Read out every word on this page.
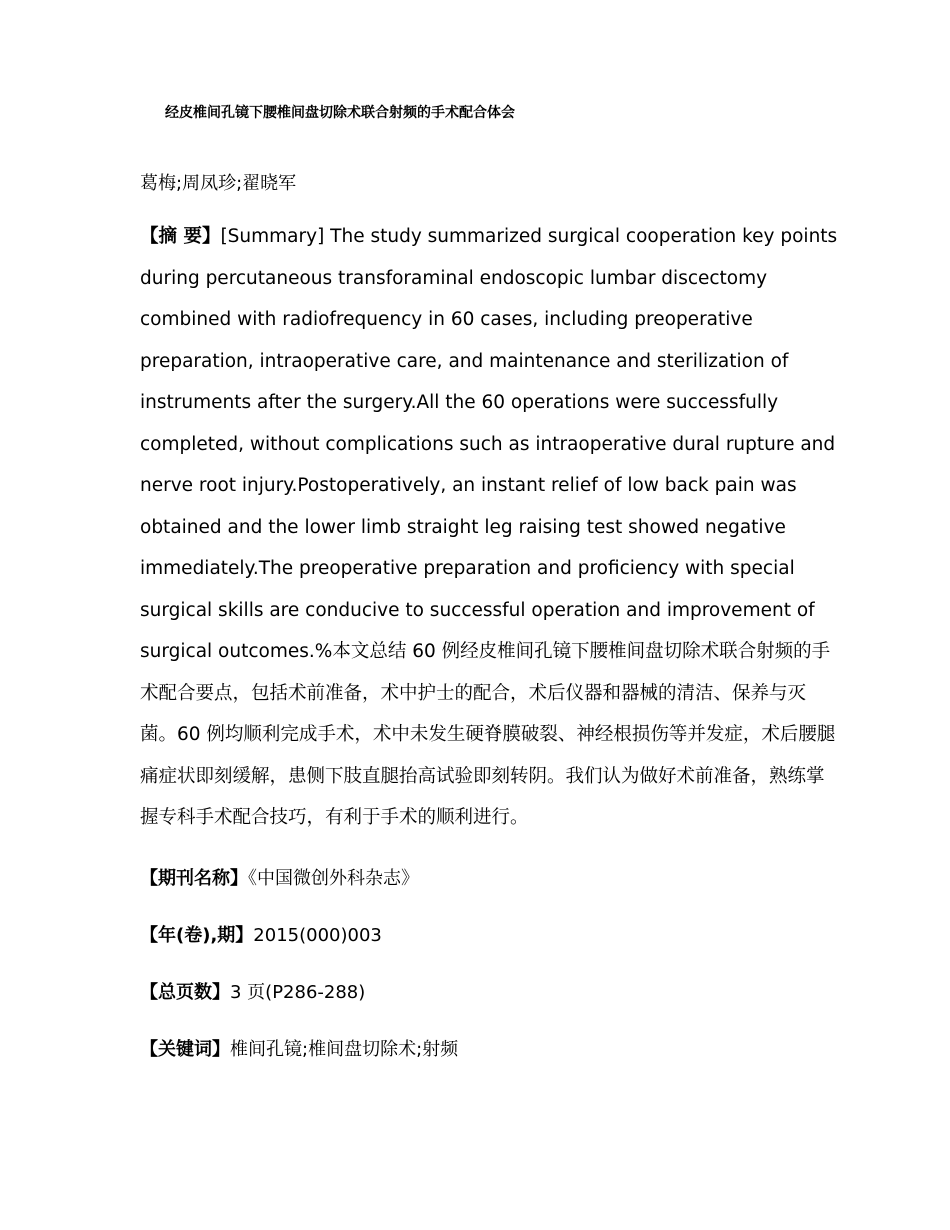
经皮椎间孔镜下腰椎间盘切除术联合射频的手术配合体会
葛梅;周凤珍;翟晓军
【摘 要】[Summary] The study summarized surgical cooperation key points during percutaneous transforaminal endoscopic lumbar discectomy combined with radiofrequency in 60 cases, including preoperative preparation, intraoperative care, and maintenance and sterilization of instruments after the surgery.All the 60 operations were successfully completed, without complications such as intraoperative dural rupture and nerve root injury.Postoperatively, an instant relief of low back pain was obtained and the lower limb straight leg raising test showed negative immediately.The preoperative preparation and proficiency with special surgical skills are conducive to successful operation and improvement of surgical outcomes.%本文总结 60 例经皮椎间孔镜下腰椎间盘切除术联合射频的手术配合要点，包括术前准备，术中护士的配合，术后仪器和器械的清洁、保养与灭菌。60 例均顺利完成手术，术中未发生硬脊膜破裂、神经根损伤等并发症，术后腰腿痛症状即刻缓解，患侧下肢直腿抬高试验即刻转阴。我们认为做好术前准备，熟练掌握专科手术配合技巧，有利于手术的顺利进行。
【期刊名称】《中国微创外科杂志》
【年(卷),期】2015(000)003
【总页数】3 页(P286-288)
【关键词】椎间孔镜;椎间盘切除术;射频
